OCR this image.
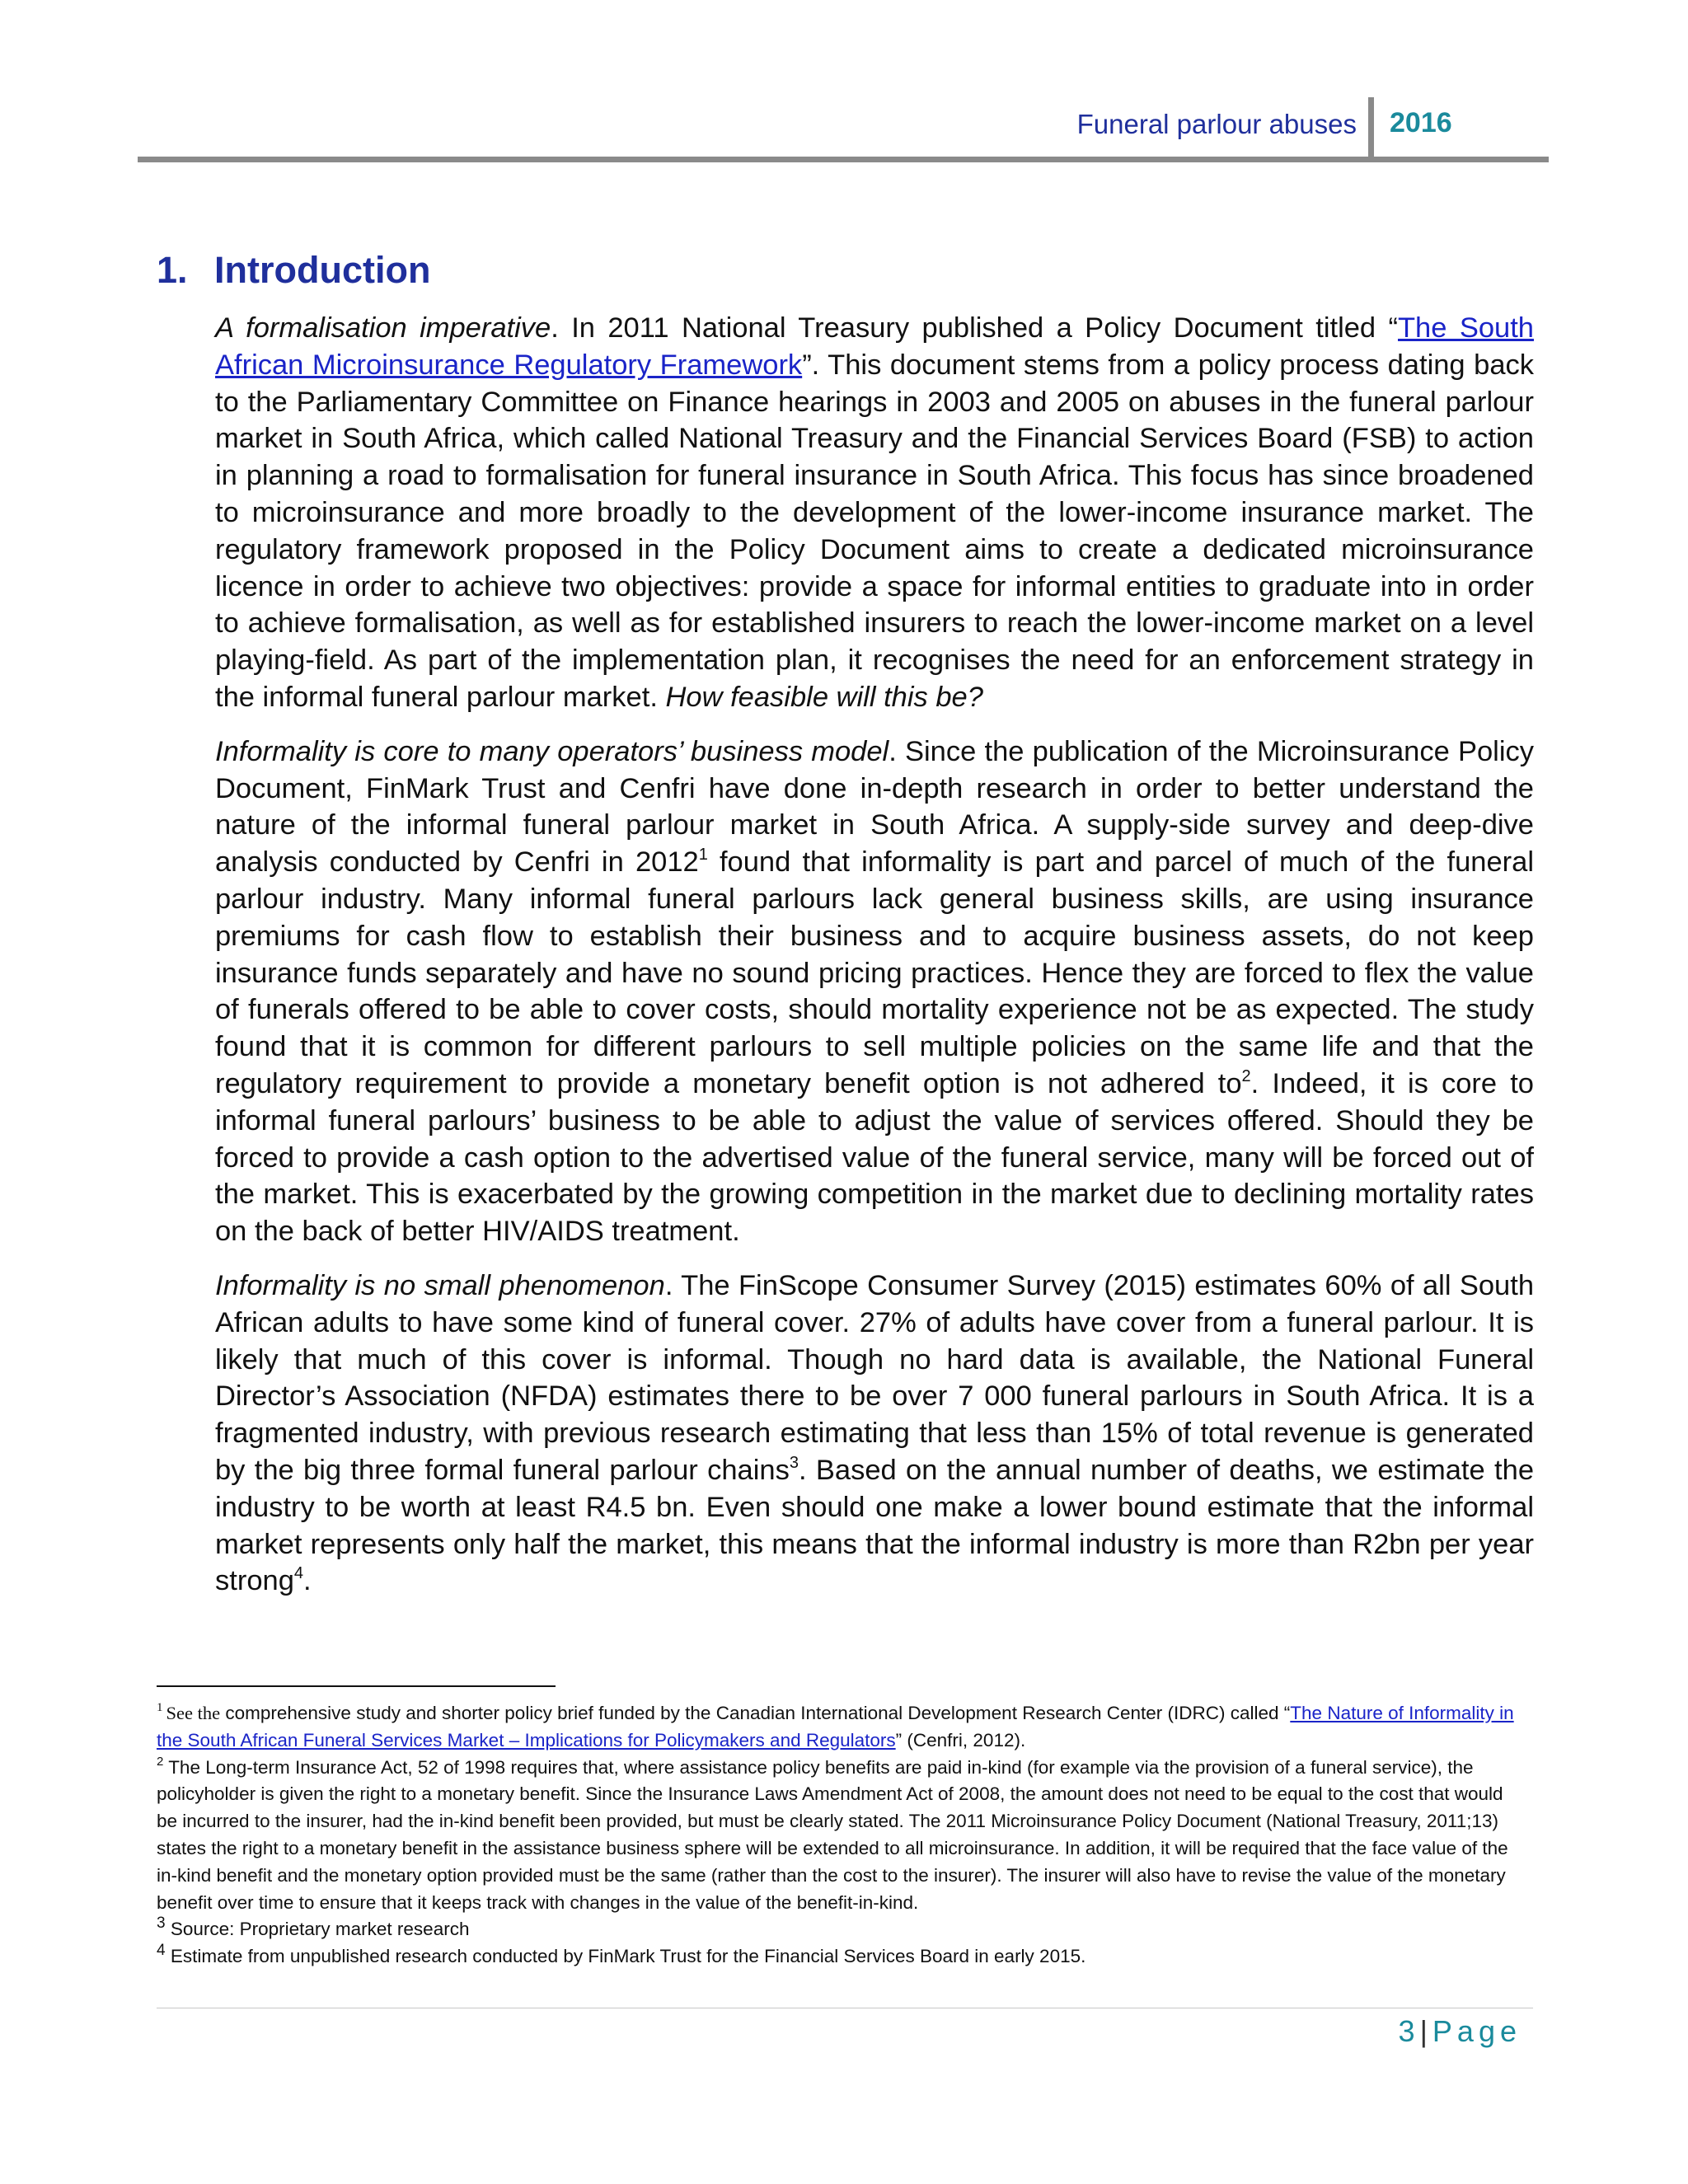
Funeral parlour abuses 2016
1. Introduction

A formalisation imperative. In 2011 National Treasury published a Policy Document titled “The South African Microinsurance Regulatory Framework”. This document stems from a policy process dating back to the Parliamentary Committee on Finance hearings in 2003 and 2005 on abuses in the funeral parlour market in South Africa, which called National Treasury and the Financial Services Board (FSB) to action in planning a road to formalisation for funeral insurance in South Africa. This focus has since broadened to microinsurance and more broadly to the development of the lower-income insurance market. The regulatory framework proposed in the Policy Document aims to create a dedicated microinsurance licence in order to achieve two objectives: provide a space for informal entities to graduate into in order to achieve formalisation, as well as for established insurers to reach the lower-income market on a level playing-field. As part of the implementation plan, it recognises the need for an enforcement strategy in the informal funeral parlour market. How feasible will this be?

Informality is core to many operators’ business model. Since the publication of the Microinsurance Policy Document, FinMark Trust and Cenfri have done in-depth research in order to better understand the nature of the informal funeral parlour market in South Africa. A supply-side survey and deep-dive analysis conducted by Cenfri in 2012$^1$ found that informality is part and parcel of much of the funeral parlour industry. Many informal funeral parlours lack general business skills, are using insurance premiums for cash flow to establish their business and to acquire business assets, do not keep insurance funds separately and have no sound pricing practices. Hence they are forced to flex the value of funerals offered to be able to cover costs, should mortality experience not be as expected. The study found that it is common for different parlours to sell multiple policies on the same life and that the regulatory requirement to provide a monetary benefit option is not adhered $to^2$. Indeed, it is core to informal funeral parlours’ business to be able to adjust the value of services offered. Should they be forced to provide a cash option to the advertised value of the funeral service, many will be forced out of the market. This is exacerbated by the growing competition in the market due to declining mortality rates on the back of better HIV/AIDS treatment.

Informality is no small phenomenon. The FinScope Consumer Survey (2015) estimates 60% of all South African adults to have some kind of funeral cover. 27% of adults have cover from a funeral parlour. It is likely that much of this cover is informal. Though no hard data is available, the National Funeral Director’s Association (NFDA) estimates there to be over 7 000 funeral parlours in South Africa. It is a fragmented industry, with previous research estimating that less than 15% of total revenue is generated by the big three formal funeral parlour chains$^3$. Based on the annual number of deaths, we estimate the industry to be worth at least R4.5 bn. Even should one make a lower bound estimate that the informal market represents only half the market, this means that the informal industry is more than R2bn per year strong$^4$.

$^1$ See the comprehensive study and shorter policy brief funded by the Canadian International Development Research Center (IDRC) called “The Nature of Informality in the South African Funeral Services Market – Implications for Policymakers and Regulators” (Cenfri, 2012).

$^2$ The Long-term Insurance Act, 52 of 1998 requires that, where assistance policy benefits are paid in-kind (for example via the provision of a funeral service), the policyholder is given the right to a monetary benefit. Since the Insurance Laws Amendment Act of 2008, the amount does not need to be equal to the cost that would be incurred to the insurer, had the in-kind benefit been provided, but must be clearly stated. The 2011 Microinsurance Policy Document (National Treasury, 2011;13) states the right to a monetary benefit in the assistance business sphere will be extended to all microinsurance. In addition, it will be required that the face value of the in-kind benefit and the monetary option provided must be the same (rather than the cost to the insurer). The insurer will also have to revise the value of the monetary benefit over time to ensure that it keeps track with changes in the value of the benefit-in-kind.

$^3$ Source: Proprietary market research

$^4$ Estimate from unpublished research conducted by FinMark Trust for the Financial Services Board in early 2015.

3| Page
